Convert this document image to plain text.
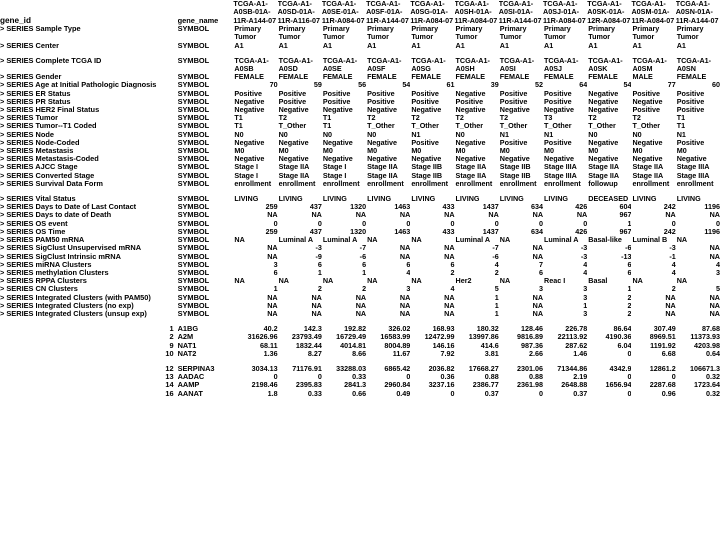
gene_id	gene_name	TCGA-A1-A0SB-01A-11R-A144-07	TCGA-A1-A0SD-01A-11R-A116-07	TCGA-A1-A0SE-01A-11R-A084-07	TCGA-A1-A0SF-01A-11R-A144-07	TCGA-A1-A0SG-01A-11R-A084-07	TCGA-A1-A0SH-01A-11R-A084-07	TCGA-A1-A0SI-01A-11R-A144-07	TCGA-A1-A0SJ-01A-11R-A084-07	TCGA-A1-A0SK-01A-12R-A084-07	TCGA-A1-A0SM-01A-11R-A084-07	TCGA-A1-A0SN-01A-11R-A144-07
> SERIES Sample Type	SYMBOL	Primary Tumor	Primary Tumor	Primary Tumor	Primary Tumor	Primary Tumor	Primary Tumor	Primary Tumor	Primary Tumor	Primary Tumor	Primary Tumor	Primary Tumor
> SERIES Center	SYMBOL	A1	A1	A1	A1	A1	A1	A1	A1	A1	A1	A1

> SERIES Complete TCGA ID	SYMBOL	TCGA-A1-A0SB	TCGA-A1-A0SD	TCGA-A1-A0SE	TCGA-A1-A0SF	TCGA-A1-A0SG	TCGA-A1-A0SH	TCGA-A1-A0SI	TCGA-A1-A0SJ	TCGA-A1-A0SK	TCGA-A1-A0SM	TCGA-A1-A0SN
> SERIES Gender	SYMBOL	FEMALE	FEMALE	FEMALE	FEMALE	FEMALE	FEMALE	FEMALE	FEMALE	FEMALE	MALE	FEMALE
> SERIES Age at Initial Pathologic Diagnosis	SYMBOL	70	59	56	54	61	39	52	64	54	77	60
> SERIES ER Status	SYMBOL	Positive	Positive	Positive	Positive	Positive	Negative	Positive	Positive	Negative	Positive	Positive
> SERIES PR Status	SYMBOL	Negative	Positive	Positive	Positive	Positive	Positive	Positive	Positive	Negative	Negative	Positive
> SERIES HER2 Final Status	SYMBOL	Negative	Negative	Negative	Negative	Negative	Negative	Negative	Negative	Negative	Positive	Positive
> SERIES Tumor	SYMBOL	T1	T2	T1	T2	T2	T2	T2	T3	T2	T2	T1
> SERIES Tumor--T1 Coded	SYMBOL	T1	T_Other	T1	T_Other	T_Other	T_Other	T_Other	T_Other	T_Other	T_Other	T1
> SERIES Node	SYMBOL	N0	N0	N0	N0	N1	N0	N1	N1	N0	N0	N1
> SERIES Node-Coded	SYMBOL	Negative	Negative	Negative	Negative	Positive	Negative	Positive	Positive	Negative	Negative	Positive
> SERIES Metastasis	SYMBOL	M0	M0	M0	M0	M0	M0	M0	M0	M0	M0	M0
> SERIES Metastasis-Coded	SYMBOL	Negative	Negative	Negative	Negative	Negative	Negative	Negative	Negative	Negative	Negative	Negative
> SERIES AJCC Stage	SYMBOL	Stage I	Stage IIA	Stage I	Stage IIA	Stage IIB	Stage IIA	Stage IIB	Stage IIIA	Stage IIA	Stage IIA	Stage IIIA
> SERIES Converted Stage	SYMBOL	Stage I	Stage IIA	Stage I	Stage IIA	Stage IIB	Stage IIA	Stage IIB	Stage IIIA	Stage IIA	Stage IIA	Stage IIIA
> SERIES Survival Data Form	SYMBOL	enrollment	enrollment	enrollment	enrollment	enrollment	enrollment	enrollment	enrollment	followup	enrollment	enrollment

> SERIES Vital Status	SYMBOL	LIVING	LIVING	LIVING	LIVING	LIVING	LIVING	LIVING	LIVING	DECEASED	LIVING	LIVING
> SERIES Days to Date of Last Contact	SYMBOL	259	437	1320	1463	433	1437	634	426	604	242	1196
> SERIES Days to date of Death	SYMBOL	NA	NA	NA	NA	NA	NA	NA	NA	967	NA	NA
> SERIES OS event	SYMBOL	0	0	0	0	0	0	0	0	1	0	0
> SERIES OS Time	SYMBOL	259	437	1320	1463	433	1437	634	426	967	242	1196
> SERIES PAM50 mRNA	SYMBOL	NA	Luminal A	Luminal A	NA	NA	Luminal A	NA	Luminal A	Basal-like	Luminal B	NA
> SERIES SigClust Unsupervised mRNA	SYMBOL	NA	-3	-7	NA	NA	-7	NA	-3	-6	-3	NA
> SERIES SigClust Intrinsic mRNA	SYMBOL	NA	-9	-6	NA	NA	-6	NA	-3	-13	-1	NA
> SERIES miRNA Clusters	SYMBOL	3	6	6	6	6	4	7	4	6	4	4
> SERIES methylation Clusters	SYMBOL	6	1	1	4	2	2	6	4	6	4	3
> SERIES RPPA Clusters	SYMBOL	NA	NA	NA	NA	NA	Her2	NA	Reac I	Basal	NA	NA
> SERIES CN Clusters	SYMBOL	1	2	2	3	4	5	3	3	1	2	5
> SERIES Integrated Clusters (with PAM50)	SYMBOL	NA	NA	NA	NA	NA	1	NA	3	2	NA	NA
> SERIES Integrated Clusters (no exp)	SYMBOL	NA	NA	NA	NA	NA	1	NA	1	2	NA	NA
> SERIES Integrated Clusters (unsup exp)	SYMBOL	NA	NA	NA	NA	NA	1	NA	3	2	NA	NA

1	A1BG	40.2	142.3	192.82	326.02	168.93	180.32	128.46	226.78	86.64	307.49	87.68
2	A2M	31626.96	23793.49	16729.49	16583.99	12472.99	13997.86	9816.89	22113.92	4190.36	8969.51	11373.93
9	NAT1	68.11	1832.44	4014.81	8004.89	146.16	414.6	987.36	287.62	6.04	1191.92	4203.98
10	NAT2	1.36	8.27	8.66	11.67	7.92	3.81	2.66	1.46	0	6.68	0.64

12	SERPINA3	3034.13	71176.91	33288.03	6865.42	2036.82	17668.27	2301.06	71344.86	4342.9	12861.2	106671.3
13	AADAC	0	0	0.33	0	0.36	0.88	0.88	2.19	0	0	0.32
14	AAMP	2198.46	2395.83	2841.3	2960.84	3237.16	2386.77	2361.98	2648.88	1656.94	2287.68	1723.64
16	AANAT	1.8	0.33	0.66	0.49	0	0.37	0	0.37	0	0.96	0.32
